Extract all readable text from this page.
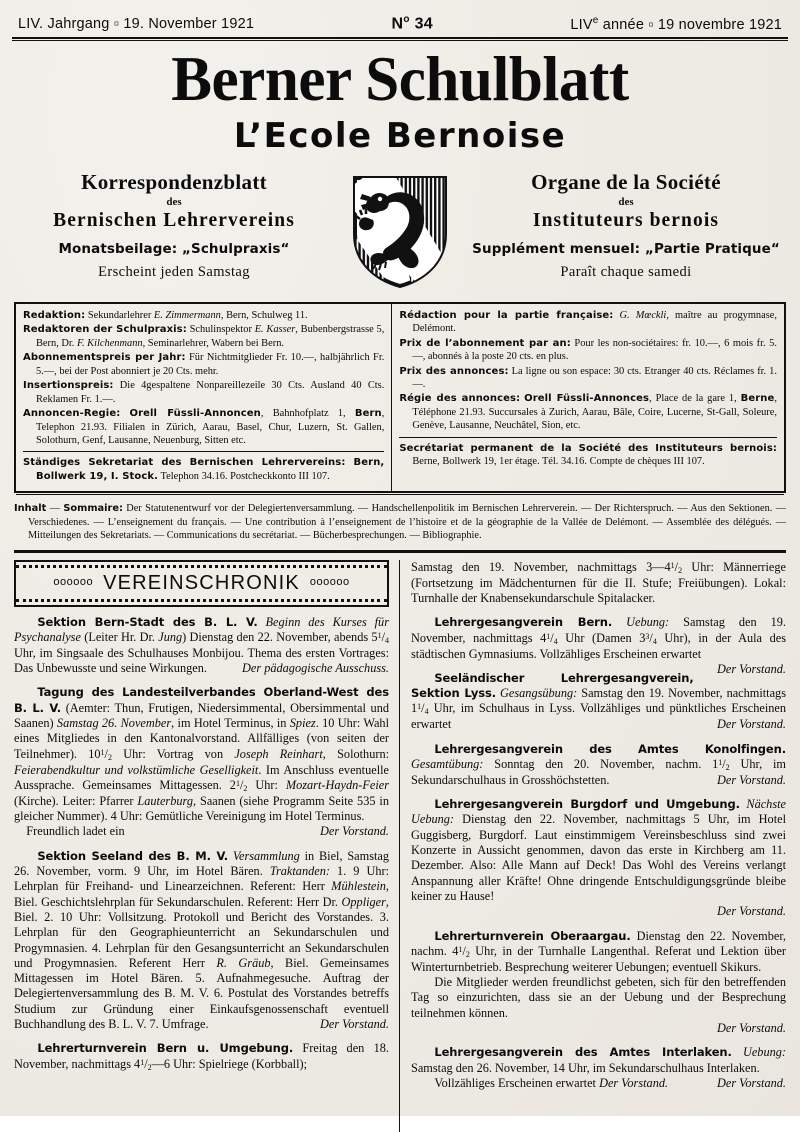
LIV. Jahrgang ▫ 19. November 1921	$N^o$ 34	LIVe année ▫ 19 novembre 1921
Berner Schulblatt
L’Ecole Bernoise
Korrespondenzblatt
des
Bernischen Lehrervereins
Monatsbeilage: „Schulpraxis“
Erscheint jeden Samstag
Organe de la Société
des
Instituteurs bernois
Supplément mensuel: „Partie Pratique“
Paraît chaque samedi

Redaktion: Sekundarlehrer E. Zimmermann, Bern, Schulweg 11.

Redaktoren der Schulpraxis: Schulinspektor E. Kasser, Bubenbergstrasse 5, Bern, Dr. F. Kilchenmann, Seminarlehrer, Wabern bei Bern.

Abonnementspreis per Jahr: Für Nichtmitglieder Fr. 10.—, halbjährlich Fr. 5.—, bei der Post abonniert je 20 Cts. mehr.

Insertionspreis: Die 4gespaltene Nonpareillezeile 30 Cts. Ausland 40 Cts. Reklamen Fr. 1.—.

Annoncen-Regie: Orell Füssli-Annoncen, Bahnhofplatz 1, Bern, Telephon 21.93. Filialen in Zürich, Aarau, Basel, Chur, Luzern, St. Gallen, Solothurn, Genf, Lausanne, Neuenburg, Sitten etc.

Ständiges Sekretariat des Bernischen Lehrervereins: Bern, Bollwerk 19, I. Stock. Telephon 34.16. Postcheckkonto III 107.

Rédaction pour la partie française: G. Mœckli, maître au progymnase, Delémont.

Prix de l’abonnement par an: Pour les non-sociétaires: fr. 10.—, 6 mois fr. 5.—, abonnés à la poste 20 cts. en plus.

Prix des annonces: La ligne ou son espace: 30 cts. Etranger 40 cts. Réclames fr. 1.—.

Régie des annonces: Orell Füssli-Annonces, Place de la gare 1, Berne, Téléphone 21.93. Succursales à Zurich, Aarau, Bâle, Coire, Lucerne, St-Gall, Soleure, Genève, Lausanne, Neuchâtel, Sion, etc.

Secrétariat permanent de la Société des Instituteurs bernois: Berne, Bollwerk 19, 1er étage. Tél. 34.16. Compte de chèques III 107.
Inhalt — Sommaire: Der Statutenentwurf vor der Delegiertenversammlung. — Handschellenpolitik im Bernischen Lehrerverein. — Der Richterspruch. — Aus den Sektionen. — Verschiedenes. — L’enseignement du français. — Une contribution à l’enseignement de l’histoire et de la géographie de la Vallée de Delémont. — Assemblée des délégués. — Mitteilungen des Sekretariats. — Communications du secrétariat. — Bücherbesprechungen. — Bibliographie.
oooooo VEREINSCHRONIK oooooo

Sektion Bern-Stadt des B. L. V. Beginn des Kurses für Psychanalyse (Leiter Hr. Dr. Jung) Dienstag den 22. November, abends $5^1/4$ Uhr, im Singsaale des Schulhauses Monbijou. Thema des ersten Vortrages: Das Unbewusste und seine Wirkungen.	Der pädagogische Ausschuss.

Tagung des Landesteilverbandes Oberland-West des B. L. V. (Aemter: Thun, Frutigen, Niedersimmental, Obersimmental und Saanen) Samstag 26. November, im Hotel Terminus, in Spiez. 10 Uhr: Wahl eines Mitgliedes in den Kantonalvorstand. Allfälliges (von seiten der Teilnehmer). $10^1/2$ Uhr: Vortrag von Joseph Reinhart, Solothurn: Feierabendkultur und volkstümliche Geselligkeit. Im Anschluss eventuelle Aussprache. Gemeinsames Mittagessen. $2^1/2$ Uhr: Mozart-Haydn-Feier (Kirche). Leiter: Pfarrer Lauterburg, Saanen (siehe Programm Seite 535 in gleicher Nummer). 4 Uhr: Gemütliche Vereinigung im Hotel Terminus.

Freundlich ladet ein	Der Vorstand.

Sektion Seeland des B. M. V. Versammlung in Biel, Samstag 26. November, vorm. 9 Uhr, im Hotel Bären. Traktanden: 1. 9 Uhr: Lehrplan für Freihand- und Linearzeichnen. Referent: Herr Mühlestein, Biel. Geschichtslehrplan für Sekundarschulen. Referent: Herr Dr. Oppliger, Biel. 2. 10 Uhr: Vollsitzung. Protokoll und Bericht des Vorstandes. 3. Lehrplan für den Geographieunterricht an Sekundarschulen und Progymnasien. 4. Lehrplan für den Gesangsunterricht an Sekundarschulen und Progymnasien. Referent Herr R. Gräub, Biel. Gemeinsames Mittagessen im Hotel Bären. 5. Aufnahmegesuche. Auftrag der Delegiertenversammlung des B. M. V. 6. Postulat des Vorstandes betreffs Studium zur Gründung einer Einkaufsgenossenschaft eventuell Buchhandlung des B. L. V. 7. Umfrage.	Der Vorstand.

Lehrerturnverein Bern u. Umgebung. Freitag den 18. November, nachmittags $4^1/2—6$ Uhr: Spielriege (Korbball);

Samstag den 19. November, nachmittags $3—4^1/2$ Uhr: Männerriege (Fortsetzung im Mädchenturnen für die II. Stufe; Freiübungen). Lokal: Turnhalle der Knabensekundarschule Spitalacker.

Lehrergesangverein Bern. Uebung: Samstag den 19. November, nachmittags $4^1/4$ Uhr (Damen $3^3/4$ Uhr), in der Aula des städtischen Gymnasiums. Vollzähliges Erscheinen erwartet
Der Vorstand.

Seeländischer Lehrergesangverein, Sektion Lyss. Gesangsübung: Samstag den 19. November, nachmittags $1^1/4$ Uhr, im Schulhaus in Lyss. Vollzähliges und pünktliches Erscheinen erwartet	Der Vorstand.

Lehrergesangverein des Amtes Konolfingen. Gesamtübung: Sonntag den 20. November, nachm. $1^1/2$ Uhr, im Sekundarschulhaus in Grosshöchstetten.	Der Vorstand.

Lehrergesangverein Burgdorf und Umgebung. Nächste Uebung: Dienstag den 22. November, nachmittags 5 Uhr, im Hotel Guggisberg, Burgdorf. Laut einstimmigem Vereinsbeschluss sind zwei Konzerte in Aussicht genommen, davon das erste in Kirchberg am 11. Dezember. Also: Alle Mann auf Deck! Das Wohl des Vereins verlangt Anspannung aller Kräfte! Ohne dringende Entschuldigungsgründe bleibe keiner zu Hause!

Der Vorstand.

Lehrerturnverein Oberaargau. Dienstag den 22. November, nachm. $4^1/2$ Uhr, in der Turnhalle Langenthal. Referat und Lektion über Winterturnbetrieb. Besprechung weiterer Uebungen; eventuell Skikurs.

Die Mitglieder werden freundlichst gebeten, sich für den betreffenden Tag so einzurichten, dass sie an der Uebung und der Besprechung teilnehmen können.

Der Vorstand.

Lehrergesangverein des Amtes Interlaken. Uebung: Samstag den 26. November, 14 Uhr, im Sekundarschulhaus Interlaken.
Der Vorstand.

Vollzähliges Erscheinen erwartet Der Vorstand.
